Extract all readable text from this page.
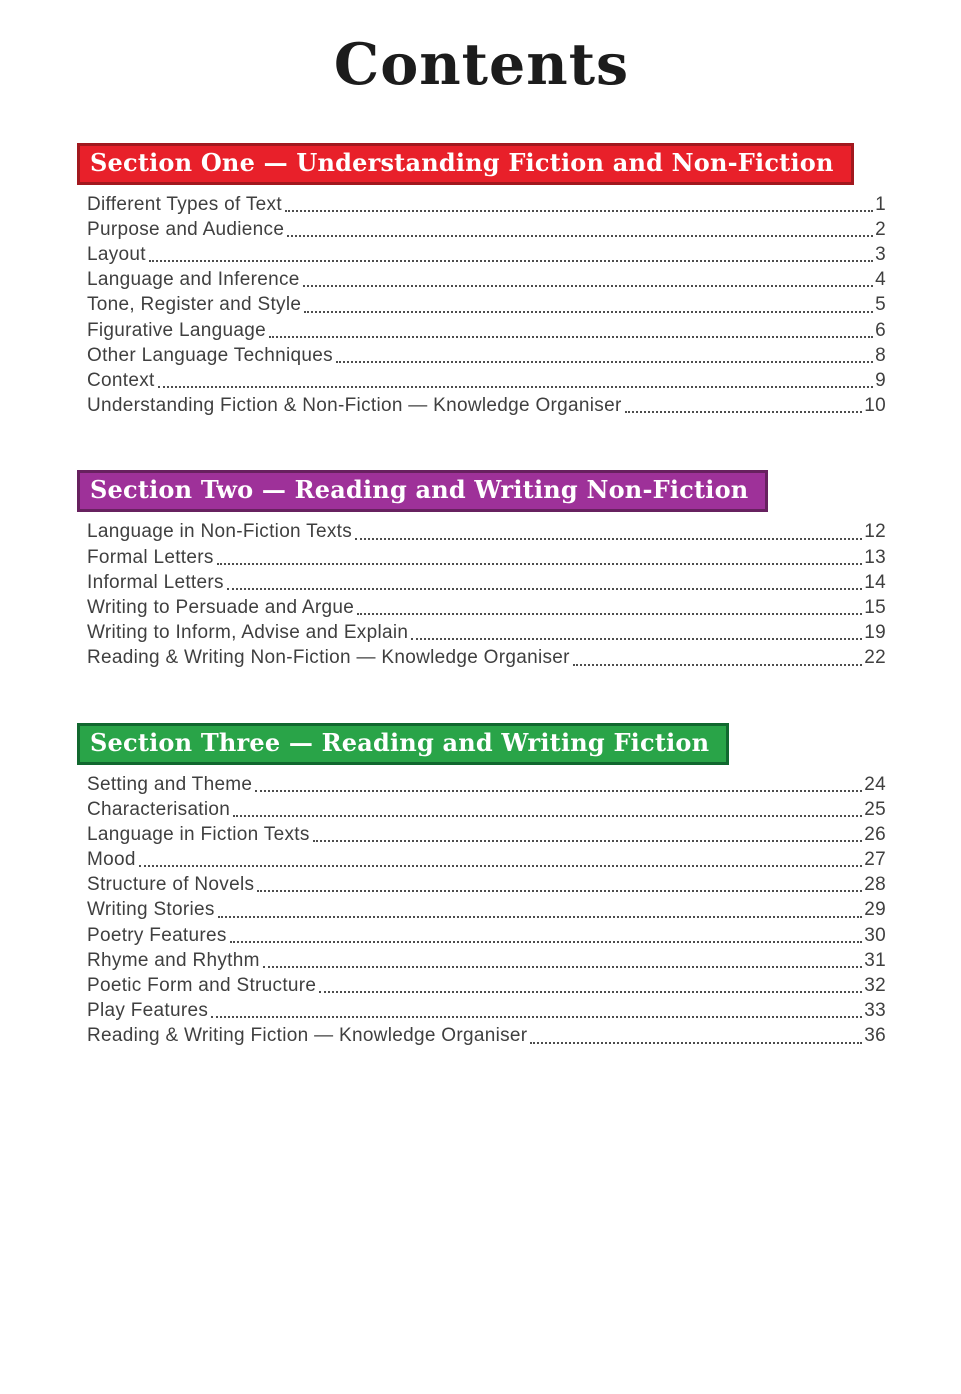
Contents
Section One — Understanding Fiction and Non-Fiction
Different Types of Text	1
Purpose and Audience	2
Layout	3
Language and Inference	4
Tone, Register and Style	5
Figurative Language	6
Other Language Techniques	8
Context	9
Understanding Fiction & Non-Fiction — Knowledge Organiser	10
Section Two — Reading and Writing Non-Fiction
Language in Non-Fiction Texts	12
Formal Letters	13
Informal Letters	14
Writing to Persuade and Argue	15
Writing to Inform, Advise and Explain	19
Reading & Writing Non-Fiction — Knowledge Organiser	22
Section Three — Reading and Writing Fiction
Setting and Theme	24
Characterisation	25
Language in Fiction Texts	26
Mood	27
Structure of Novels	28
Writing Stories	29
Poetry Features	30
Rhyme and Rhythm	31
Poetic Form and Structure	32
Play Features	33
Reading & Writing Fiction — Knowledge Organiser	36
